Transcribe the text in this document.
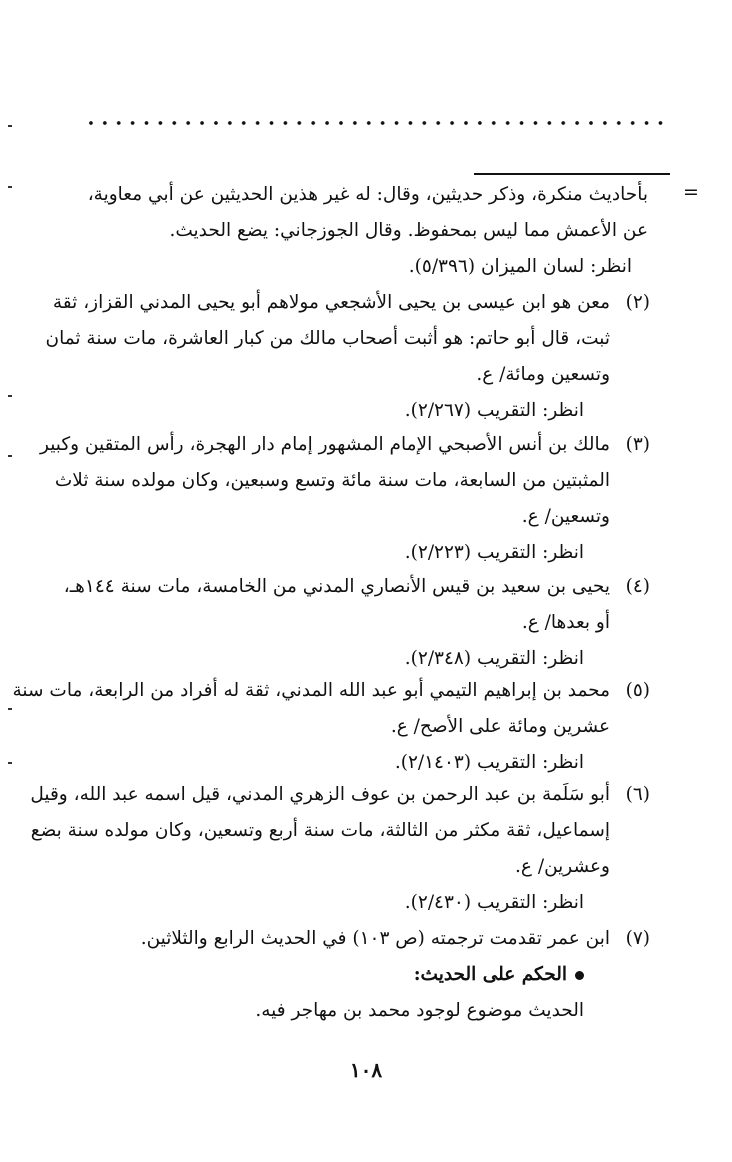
=
بأحاديث منكرة، وذكر حديثين، وقال: له غير هذين الحديثين عن أبي معاوية،
عن الأعمش مما ليس بمحفوظ. وقال الجوزجاني: يضع الحديث.
انظر: لسان الميزان (٥/٣٩٦).
(٢)
معن هو ابن عيسى بن يحيى الأشجعي مولاهم أبو يحيى المدني القزاز، ثقة
ثبت، قال أبو حاتم: هو أثبت أصحاب مالك من كبار العاشرة، مات سنة ثمان
وتسعين ومائة/ ع.
انظر: التقريب (٢/٢٦٧).
(٣)
مالك بن أنس الأصبحي الإمام المشهور إمام دار الهجرة، رأس المتقين وكبير
المثبتين من السابعة، مات سنة مائة وتسع وسبعين، وكان مولده سنة ثلاث
وتسعين/ ع.
انظر: التقريب (٢/٢٢٣).
(٤)
يحيى بن سعيد بن قيس الأنصاري المدني من الخامسة، مات سنة ١٤٤هـ،
أو بعدها/ ع.
انظر: التقريب (٢/٣٤٨).
(٥)
محمد بن إبراهيم التيمي أبو عبد الله المدني، ثقة له أفراد من الرابعة، مات سنة
عشرين ومائة على الأصح/ ع.
انظر: التقريب (٢/١٤٠٣).
(٦)
أبو سَلَمة بن عبد الرحمن بن عوف الزهري المدني، قيل اسمه عبد الله، وقيل
إسماعيل، ثقة مكثر من الثالثة، مات سنة أربع وتسعين، وكان مولده سنة بضع
وعشرين/ ع.
انظر: التقريب (٢/٤٣٠).
(٧)
ابن عمر تقدمت ترجمته (ص ١٠٣) في الحديث الرابع والثلاثين.
الحكم على الحديث:
الحديث موضوع لوجود محمد بن مهاجر فيه.
١٠٨
